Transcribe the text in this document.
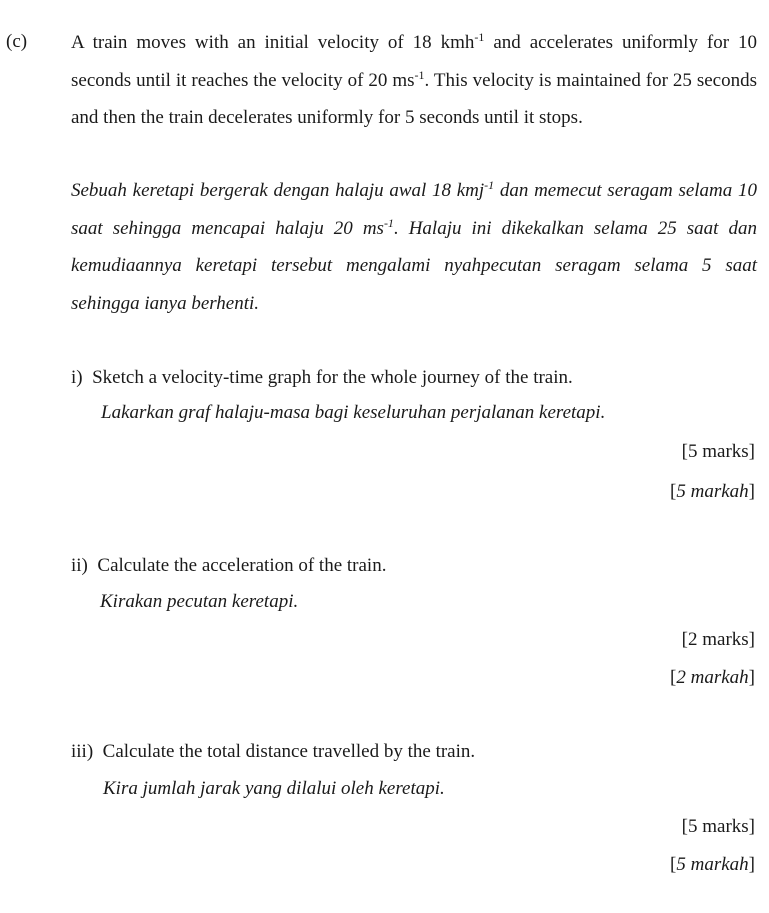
(c) A train moves with an initial velocity of 18 kmh$^{-1}$ and accelerates uniformly for 10 seconds until it reaches the velocity of 20 $ms^{-1}$. This velocity is maintained for 25 seconds and then the train decelerates uniformly for 5 seconds until it stops.

Sebuah keretapi bergerak dengan halaju awal 18 kmj$^{-1}$ dan memecut seragam selama 10 saat sehingga mencapai halaju 20 $ms^{-1}$. Halaju ini dikekalkan selama 25 saat dan kemudiaannya keretapi tersebut mengalami nyahpecutan seragam selama 5 saat sehingga ianya berhenti.

i) Sketch a velocity-time graph for the whole journey of the train.
Lakarkan graf halaju-masa bagi keseluruhan perjalanan keretapi.
[5 marks]
[5 markah]
ii) Calculate the acceleration of the train.
Kirakan pecutan keretapi.
[2 marks]
[2 markah]
iii) Calculate the total distance travelled by the train.
Kira jumlah jarak yang dilalui oleh keretapi.
[5 marks]
[5 markah]
